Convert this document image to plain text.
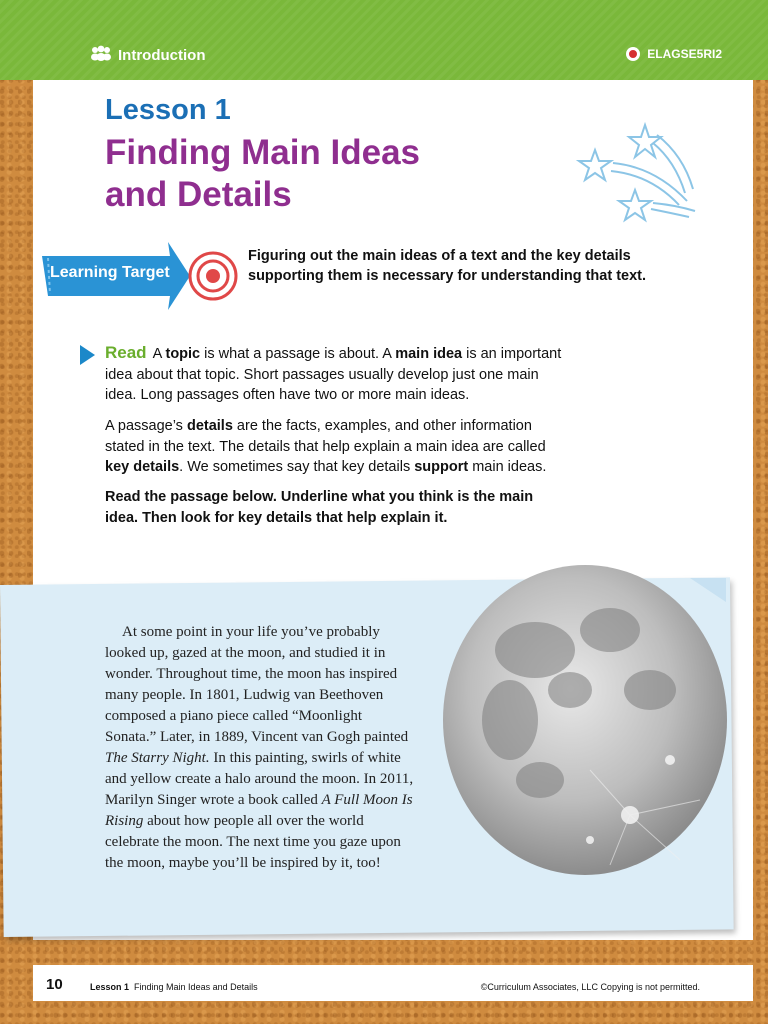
Introduction	ELAGSE5RI2
Lesson 1
Finding Main Ideas and Details
Learning Target
Figuring out the main ideas of a text and the key details supporting them is necessary for understanding that text.
Read A topic is what a passage is about. A main idea is an important idea about that topic. Short passages usually develop just one main idea. Long passages often have two or more main ideas.
A passage’s details are the facts, examples, and other information stated in the text. The details that help explain a main idea are called key details. We sometimes say that key details support main ideas.
Read the passage below. Underline what you think is the main idea. Then look for key details that help explain it.
At some point in your life you’ve probably looked up, gazed at the moon, and studied it in wonder. Throughout time, the moon has inspired many people. In 1801, Ludwig van Beethoven composed a piano piece called “Moonlight Sonata.” Later, in 1889, Vincent van Gogh painted The Starry Night. In this painting, swirls of white and yellow create a halo around the moon. In 2011, Marilyn Singer wrote a book called A Full Moon Is Rising about how people all over the world celebrate the moon. The next time you gaze upon the moon, maybe you’ll be inspired by it, too!
10	Lesson 1 Finding Main Ideas and Details	©Curriculum Associates, LLC Copying is not permitted.
